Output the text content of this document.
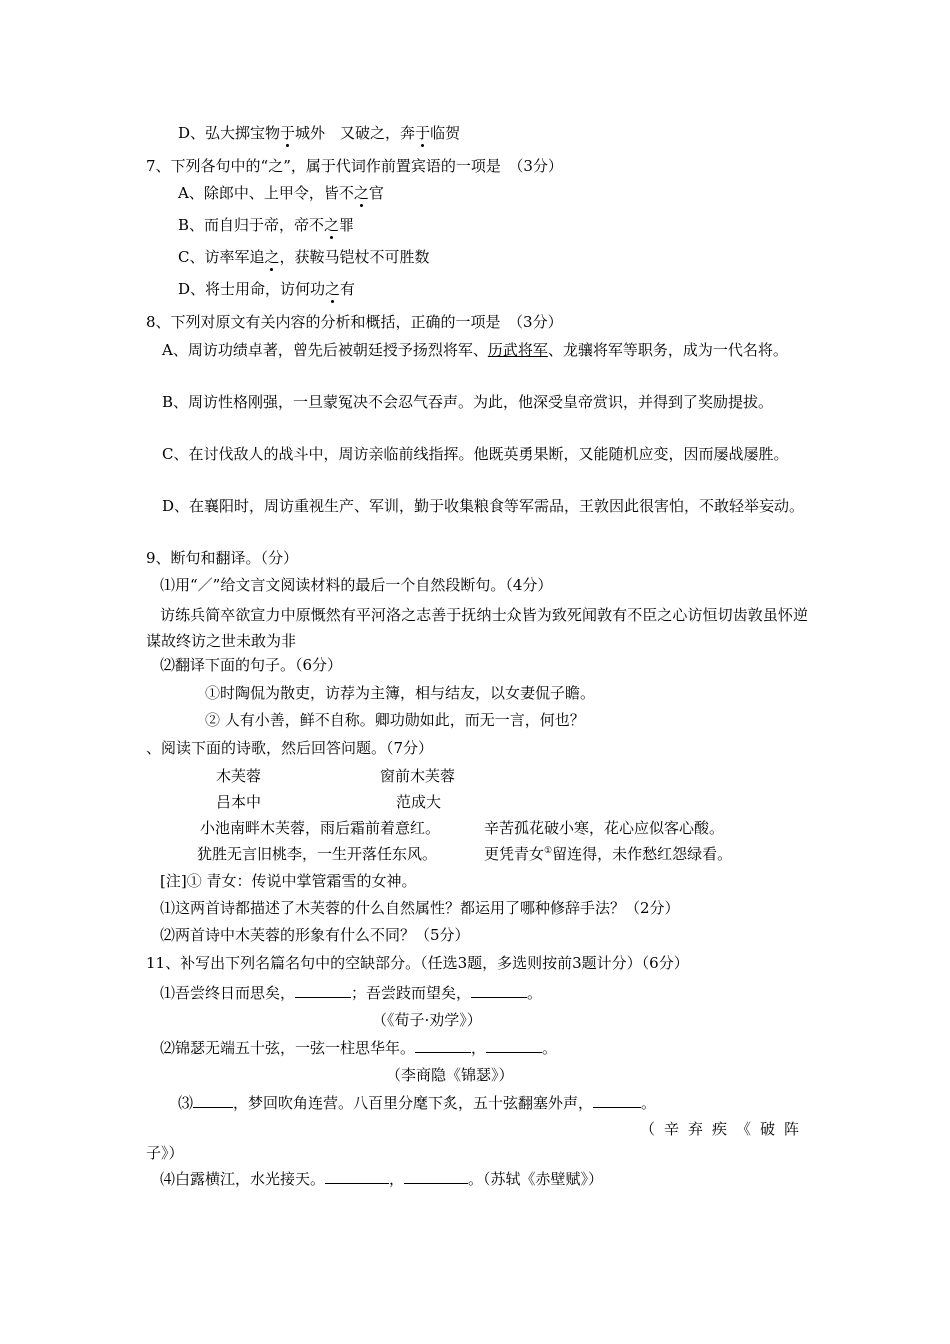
D、弘大掷宝物于城外　又破之，奔于临贺
7、下列各句中的“之”，属于代词作前置宾语的一项是　（3分）
A、除郎中、上甲令，皆不之官
B、而自归于帝，帝不之罪
C、访率军追之，获鞍马铠杖不可胜数
D、将士用命，访何功之有
8、下列对原文有关内容的分析和概括，正确的一项是　（3分）
A、周访功绩卓著，曾先后被朝廷授予扬烈将军、历武将军、龙骧将军等职务，成为一代名将。
B、周访性格刚强，一旦蒙冤决不会忍气吞声。为此，他深受皇帝赏识，并得到了奖励提拔。
C、在讨伐敌人的战斗中，周访亲临前线指挥。他既英勇果断，又能随机应变，因而屡战屡胜。
D、在襄阳时，周访重视生产、军训，勤于收集粮食等军需品，王敦因此很害怕，不敢轻举妄动。
9、断句和翻译。（分）
⑴用“／”给文言文阅读材料的最后一个自然段断句。（4分）
访练兵简卒欲宣力中原慨然有平河洛之志善于抚纳士众皆为致死闻敦有不臣之心访恒切齿敦虽怀逆谋故终访之世未敢为非
⑵翻译下面的句子。（6分）
①时陶侃为散吏，访荐为主簿，相与结友，以女妻侃子瞻。
② 人有小善，鲜不自称。卿功勋如此，而无一言，何也？
、阅读下面的诗歌，然后回答问题。（7分）
木芙蓉	窗前木芙蓉
吕本中	范成大
小池南畔木芙蓉，雨后霜前着意红。	辛苦孤花破小寒，花心应似客心酸。
犹胜无言旧桃李，一生开落任东风。	更凭青女①留连得，未作愁红怨绿看。
[注]① 青女：传说中掌管霜雪的女神。
⑴这两首诗都描述了木芙蓉的什么自然属性？都运用了哪种修辞手法？（2分）
⑵两首诗中木芙蓉的形象有什么不同？（5分）
11、补写出下列名篇名句中的空缺部分。（任选3题，多选则按前3题计分）（6分）
⑴吾尝终日而思矣，	；吾尝跂而望矣，	。
（《荀子·劝学》）
⑵锦瑟无端五十弦，一弦一柱思华年。	，	。
（李商隐《锦瑟》）
⑶	，梦回吹角连营。八百里分麾下炙，五十弦翻塞外声，	。
（辛弃疾《破阵
子》）
⑷白露横江，水光接天。	，	。（苏轼《赤壁赋》）
